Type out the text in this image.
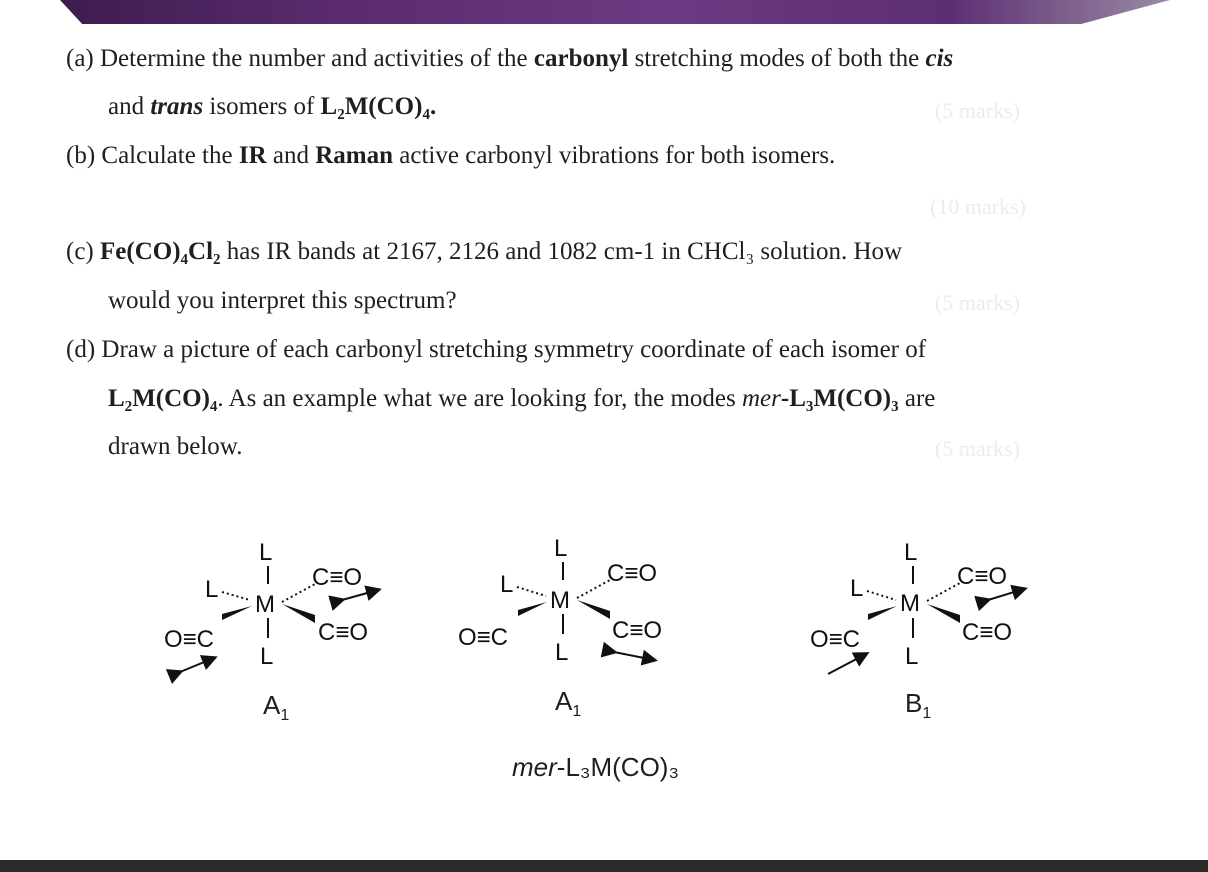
(a) Determine the number and activities of the carbonyl stretching modes of both the cis
and trans isomers of L₂M(CO)₄.	(5 marks)
(b) Calculate the IR and Raman active carbonyl vibrations for both isomers.
(10 marks)
(c) Fe(CO)₄Cl₂ has IR bands at 2167, 2126 and 1082 cm-1 in CHCl₃ solution. How
would you interpret this spectrum?	(5 marks)
(d) Draw a picture of each carbonyl stretching symmetry coordinate of each isomer of
L₂M(CO)₄. As an example what we are looking for, the modes mer-L₃M(CO)₃ are
drawn below.	(5 marks)
L
L
M
C≡O
C≡O
O≡C
L
L
L
M
C≡O
C≡O
O≡C
L
L
L
M
C≡O
C≡O
O≡C
L
$A_1$	$A_1$	$B_1$
mer-L₃M(CO)₃
